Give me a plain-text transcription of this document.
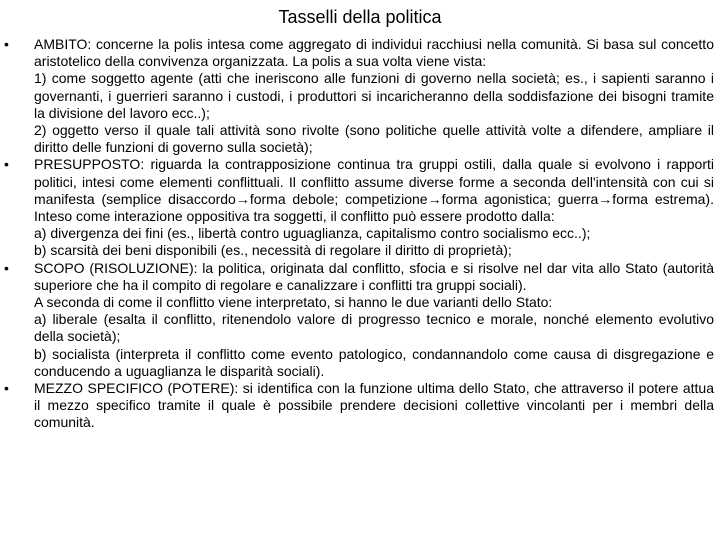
Tasselli della politica
•	AMBITO: concerne la polis intesa come aggregato di individui racchiusi nella comunità. Si basa sul concetto aristotelico della convivenza organizzata. La polis a sua volta viene vista:

1) come soggetto agente (atti che ineriscono alle funzioni di governo nella società; es., i sapienti saranno i governanti, i guerrieri saranno i custodi, i produttori si incaricheranno della soddisfazione dei bisogni tramite la divisione del lavoro ecc..);

2) oggetto verso il quale tali attività sono rivolte (sono politiche quelle attività volte a difendere, ampliare il diritto delle funzioni di governo sulla società);

•	PRESUPPOSTO: riguarda la contrapposizione continua tra gruppi ostili, dalla quale si evolvono i rapporti politici, intesi come elementi conflittuali. Il conflitto assume diverse forme a seconda dell'intensità con cui si manifesta (semplice disaccordo→forma debole; competizione→forma agonistica; guerra→forma estrema). Inteso come interazione oppositiva tra soggetti, il conflitto può essere prodotto dalla:

a) divergenza dei fini (es., libertà contro uguaglianza, capitalismo contro socialismo ecc..);

b) scarsità dei beni disponibili (es., necessità di regolare il diritto di proprietà);

•	SCOPO (RISOLUZIONE): la politica, originata dal conflitto, sfocia e si risolve nel dar vita allo Stato (autorità superiore che ha il compito di regolare e canalizzare i conflitti tra gruppi sociali).

A seconda di come il conflitto viene interpretato, si hanno le due varianti dello Stato:

a) liberale (esalta il conflitto, ritenendolo valore di progresso tecnico e morale, nonché elemento evolutivo della società);

b) socialista (interpreta il conflitto come evento patologico, condannandolo come causa di disgregazione e conducendo a uguaglianza le disparità sociali).

•	MEZZO SPECIFICO (POTERE): si identifica con la funzione ultima dello Stato, che attraverso il potere attua il mezzo specifico tramite il quale è possibile prendere decisioni collettive vincolanti per i membri della comunità.
